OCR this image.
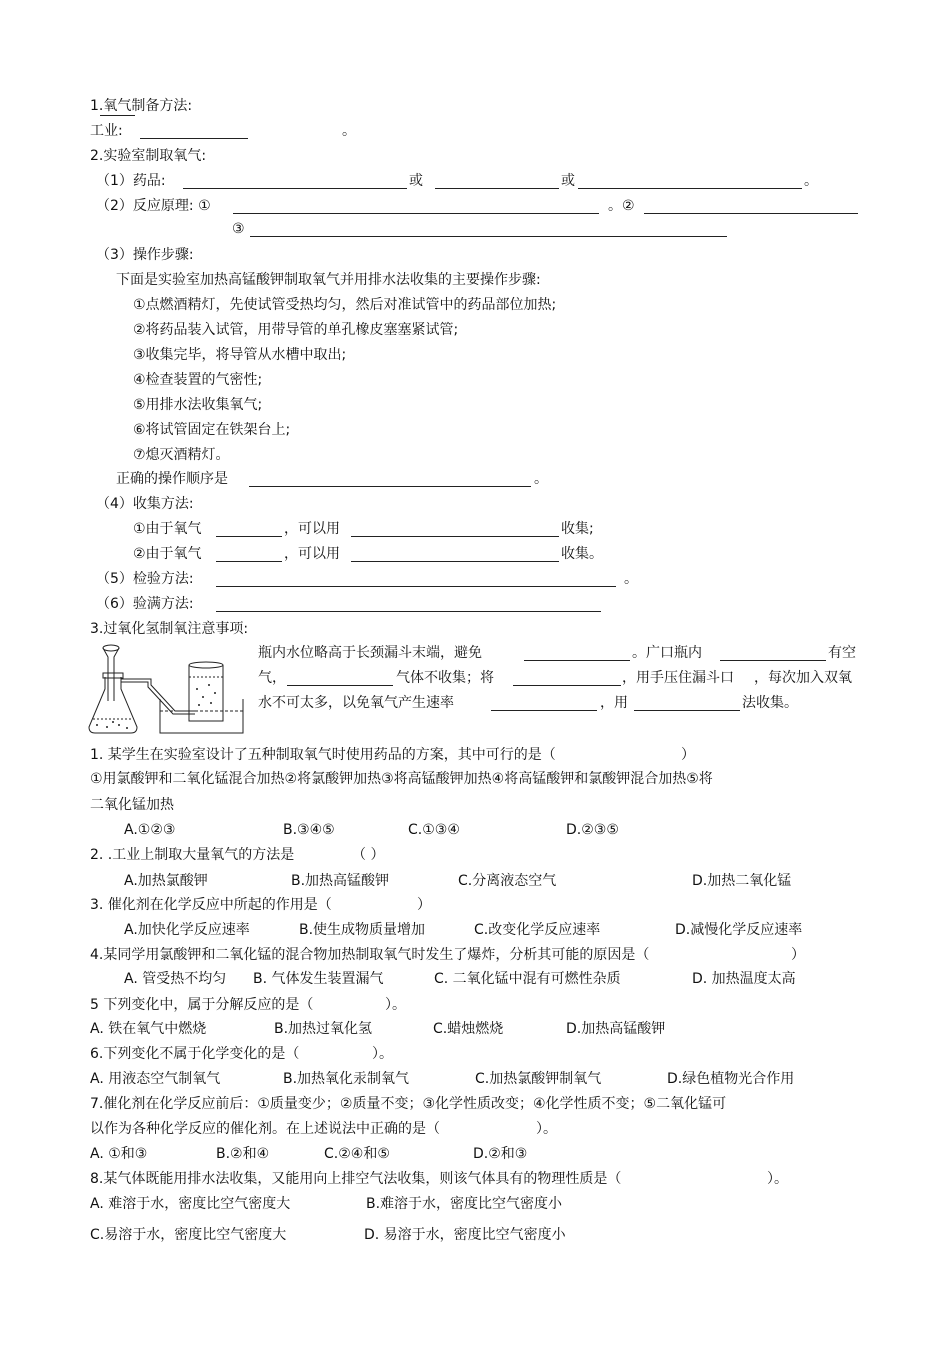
1.氧气制备方法:
工业:	。
2.实验室制取氧气:
（1）药品:	或	或	。
（2）反应原理: ①	。②
③
（3）操作步骤:
下面是实验室加热高锰酸钾制取氧气并用排水法收集的主要操作步骤:
①点燃酒精灯，先使试管受热均匀，然后对准试管中的药品部位加热;
②将药品装入试管，用带导管的单孔橡皮塞塞紧试管;
③收集完毕，将导管从水槽中取出;
④检查装置的气密性;
⑤用排水法收集氧气;
⑥将试管固定在铁架台上;
⑦熄灭酒精灯。
正确的操作顺序是	。
（4）收集方法:
①由于氧气	，可以用	收集;
②由于氧气	，可以用	收集。
（5）检验方法:	。
（6）验满方法:
3.过氧化氢制氧注意事项:
瓶内水位略高于长颈漏斗末端，避免	。广口瓶内	有空
气，	气体不收集；将	，用手压住漏斗口 ，每次加入双氧
水不可太多，以免氧气产生速率	，用	法收集。
1. 某学生在实验室设计了五种制取氧气时使用药品的方案，其中可行的是（	）
①用氯酸钾和二氧化锰混合加热②将氯酸钾加热③将高锰酸钾加热④将高锰酸钾和氯酸钾混合加热⑤将
二氧化锰加热
A.①②③	B.③④⑤	C.①③④	D.②③⑤
2. .工业上制取大量氧气的方法是	（ ）
A.加热氯酸钾	B.加热高锰酸钾	C.分离液态空气	D.加热二氧化锰
3. 催化剂在化学反应中所起的作用是（	）
A.加快化学反应速率	B.使生成物质量增加	C.改变化学反应速率	D.减慢化学反应速率
4.某同学用氯酸钾和二氧化锰的混合物加热制取氧气时发生了爆炸，分析其可能的原因是（	）
A. 管受热不均匀 B. 气体发生装置漏气	C. 二氧化锰中混有可燃性杂质	D. 加热温度太高
5 下列变化中，属于分解反应的是（	）。
A. 铁在氧气中燃烧	B.加热过氧化氢	C.蜡烛燃烧	D.加热高锰酸钾
6.下列变化不属于化学变化的是（	）。
A. 用液态空气制氧气	B.加热氧化汞制氧气	C.加热氯酸钾制氧气	D.绿色植物光合作用
7.催化剂在化学反应前后：①质量变少；②质量不变；③化学性质改变；④化学性质不变；⑤二氧化锰可
以作为各种化学反应的催化剂。在上述说法中正确的是（	）。
A. ①和③	B.②和④	C.②④和⑤	D.②和③
8.某气体既能用排水法收集，又能用向上排空气法收集，则该气体具有的物理性质是（	）。
A. 难溶于水，密度比空气密度大	B.难溶于水，密度比空气密度小
C.易溶于水，密度比空气密度大	D. 易溶于水，密度比空气密度小
